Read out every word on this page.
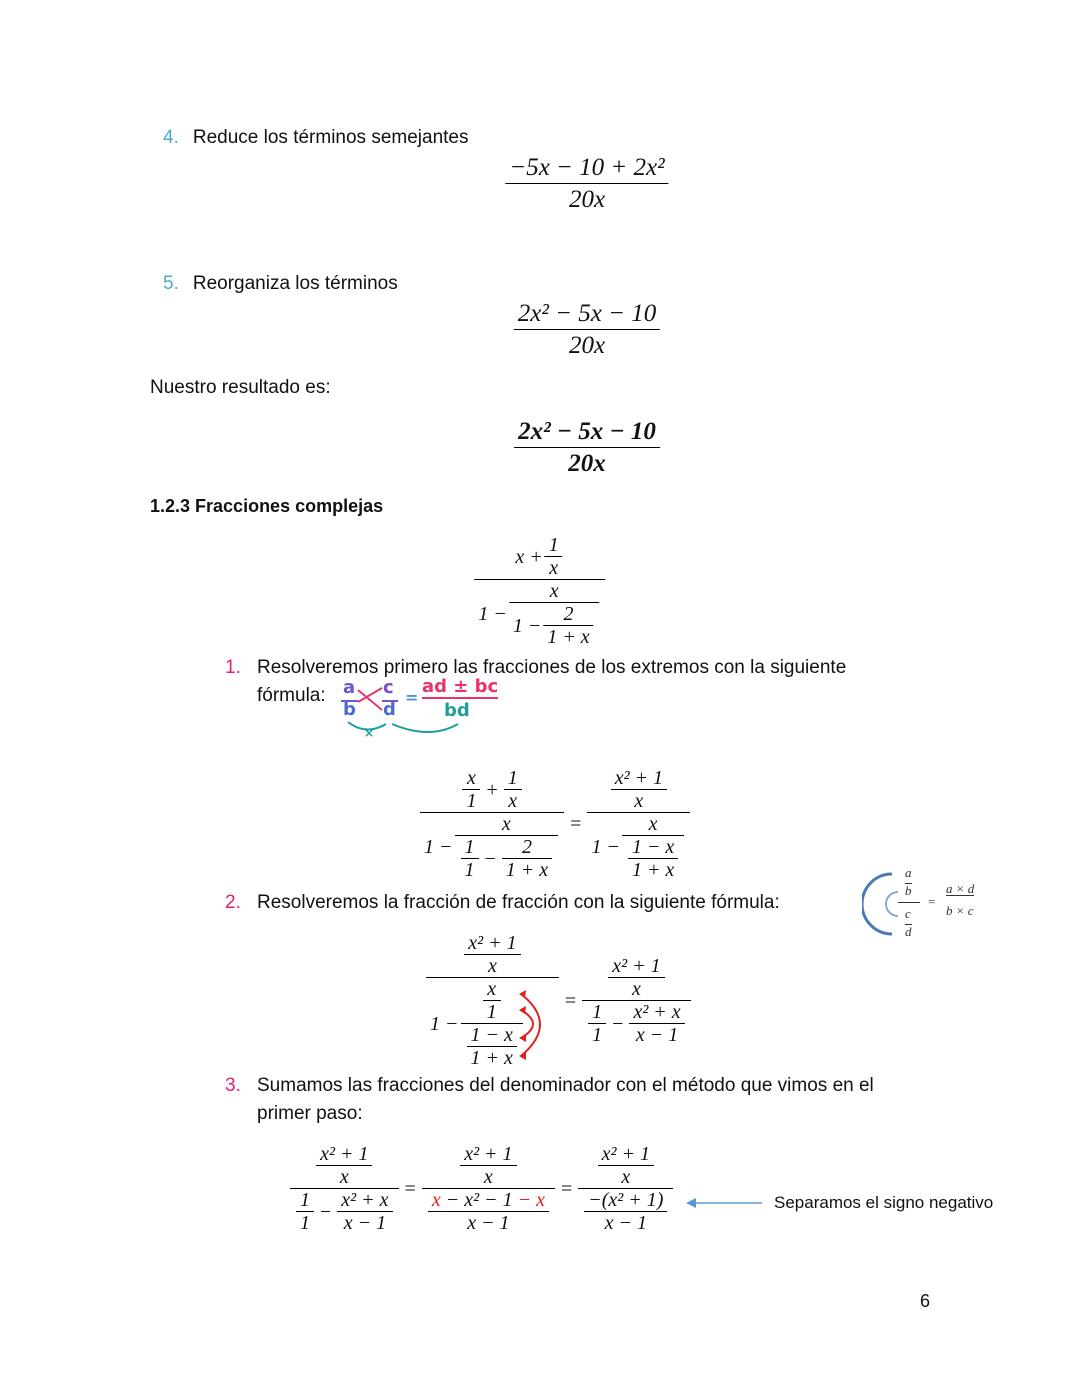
4. Reduce los términos semejantes
$\frac{\text{−5x − 10 + 2x²}}{20x}$
5. Reorganiza los términos
$\frac{\text{2x² − 5x − 10}}{20x}$
Nuestro resultado es:
$\frac{\text{2x² − 5x − 10}}{20x}$
1.2.3 Fracciones complejas
$x + \frac{1}{x}$
$1 - \frac{x}{1 - \frac{2}{1 + x}}$
1. Resolveremos primero las fracciones de los extremos con la siguiente
fórmula: a
b
c
d
=
ad ± bc
bd
×
x
1
+ $\frac{1}{x}$
1 − x
1
1
− $\frac{2}{1 + x} = x^2 + 1$
x
1 − x
1 − x
1 + x
2. Resolveremos la fracción de fracción con la siguiente fórmula:
a
b
c
d
=
a × d
b × c
x² + 1
x
1 − x
1
1 − x
1 + x = x² + 1
x
1
1
− $\frac{\text{x² + x}}{x - 1}$
3. Sumamos las fracciones del denominador con el método que vimos en el
primer paso:
x² + 1
x
1
1
− $\frac{\text{x² + x}}{x - 1} = x^2 + 1$
x
x − x² − 1 − x
x − 1 = x² + 1
x
−(x² + 1)
x − 1	Separamos el signo negativo
6
